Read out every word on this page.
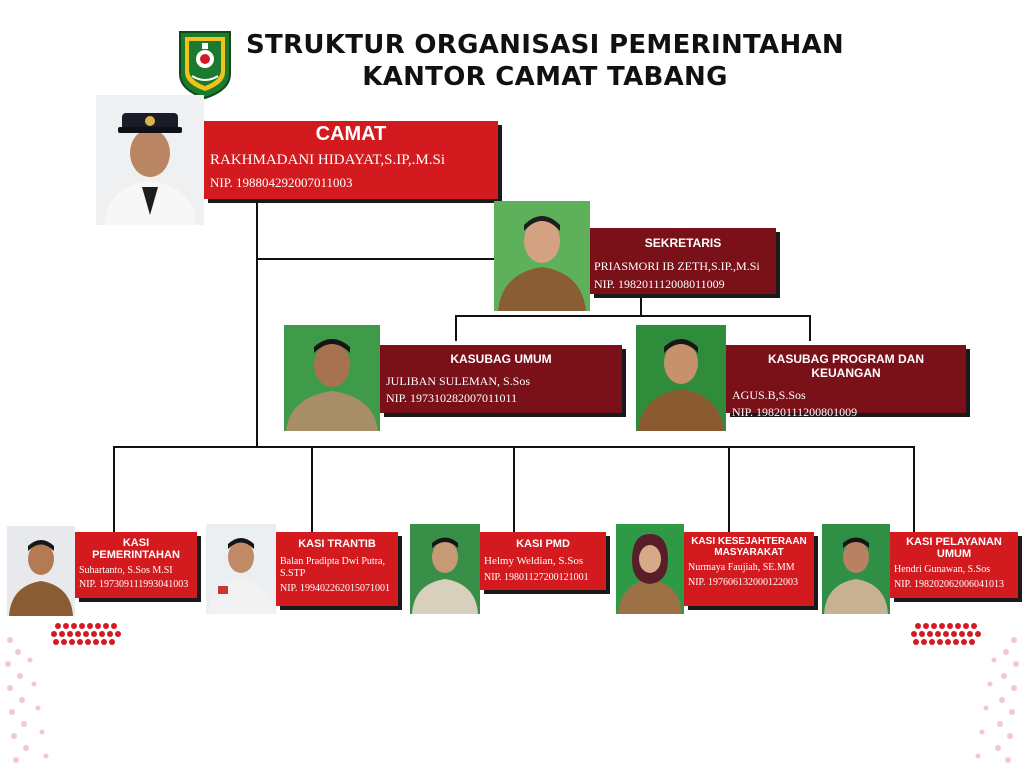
STRUKTUR ORGANISASI PEMERINTAHAN
KANTOR CAMAT TABANG
CAMAT
RAKHMADANI HIDAYAT,S.IP,.M.Si
NIP. 198804292007011003
SEKRETARIS
PRIASMORI IB ZETH,S.IP.,M.Si
NIP. 198201112008011009
KASUBAG UMUM
JULIBAN SULEMAN, S.Sos
NIP. 197310282007011011
KASUBAG PROGRAM DAN KEUANGAN
AGUS.B,S.Sos
NIP. 198201112008010​09
KASI PEMERINTAHAN
Suhartanto, S.Sos M.SI
NIP. 197309111993041003
KASI TRANTIB
Balan Pradipta Dwi Putra, S.STP
NIP. 199402262015071001
KASI PMD
Helmy Weldian, S.Sos
NIP. 19801127200121001
KASI KESEJAHTERAAN MASYARAKAT
Nurmaya Faujiah, SE.MM
NIP. 197606132000122003
KASI PELAYANAN UMUM
Hendri Gunawan, S.Sos
NIP. 198202062006041013
